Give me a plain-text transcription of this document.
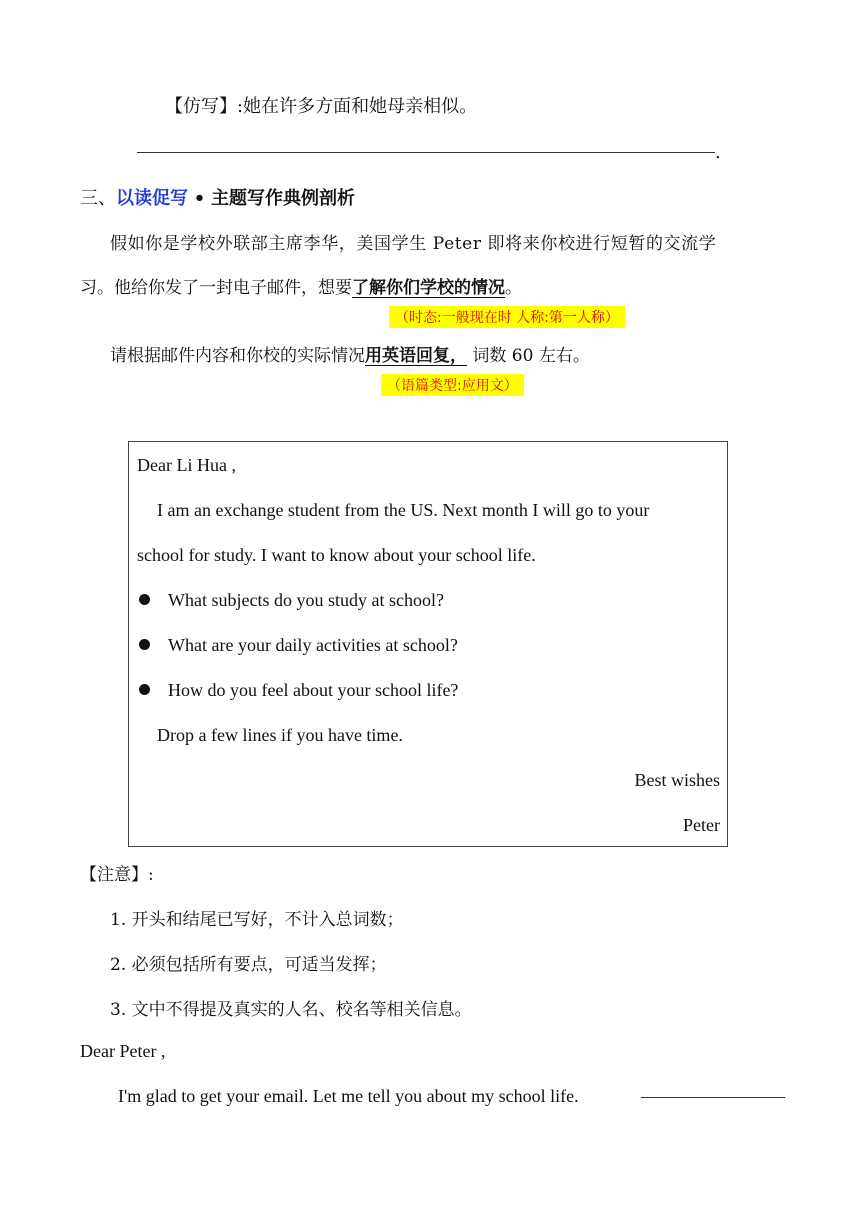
【仿写】:她在许多方面和她母亲相似。
.
三、以读促写 • 主题写作典例剖析
假如你是学校外联部主席李华，美国学生 Peter 即将来你校进行短暂的交流学
习。他给你发了一封电子邮件，想要了解你们学校的情况。
（时态:一般现在时 人称:第一人称）
请根据邮件内容和你校的实际情况用英语回复， 词数 60 左右。
（语篇类型:应用文）
Dear Li Hua ,
I am an exchange student from the US. Next month I will go to your
school for study. I want to know about your school life.
What subjects do you study at school?
What are your daily activities at school?
How do you feel about your school life?
Drop a few lines if you have time.
Best wishes
Peter
【注意】:
1. 开头和结尾已写好，不计入总词数；
2. 必须包括所有要点，可适当发挥；
3. 文中不得提及真实的人名、校名等相关信息。
Dear Peter ,
I'm glad to get your email. Let me tell you about my school life.	————————
